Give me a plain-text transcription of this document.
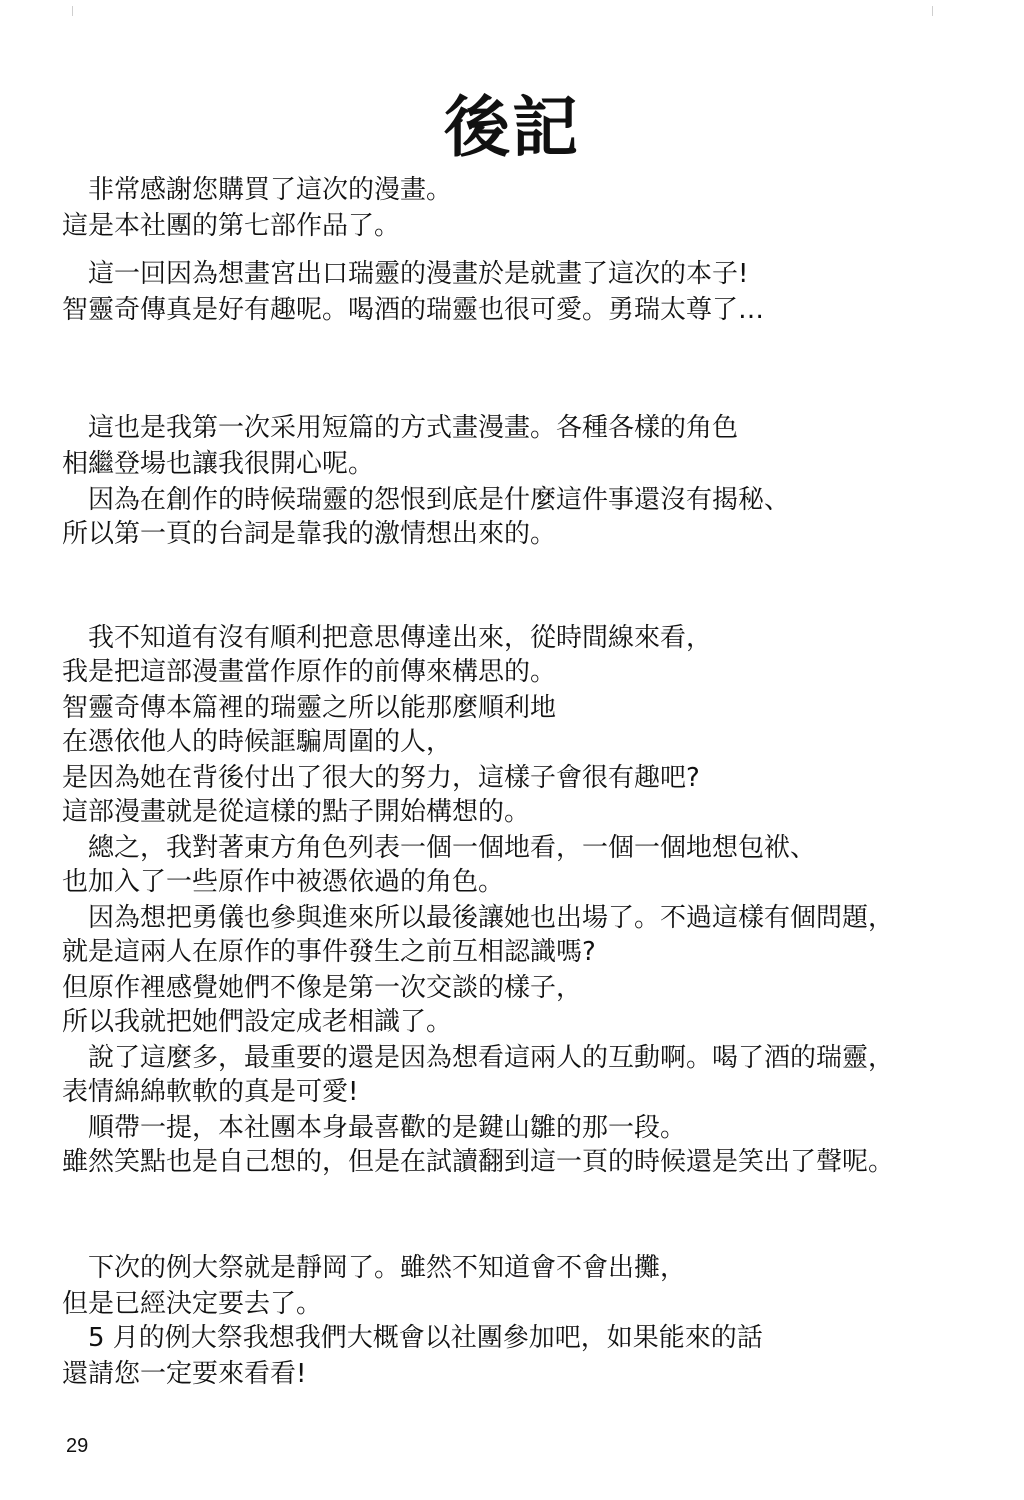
後記
非常感謝您購買了這次的漫畫。
這是本社團的第七部作品了。
這一回因為想畫宮出口瑞靈的漫畫於是就畫了這次的本子!
智靈奇傳真是好有趣呢。喝酒的瑞靈也很可愛。勇瑞太尊了…
這也是我第一次采用短篇的方式畫漫畫。各種各樣的角色
相繼登場也讓我很開心呢。
因為在創作的時候瑞靈的怨恨到底是什麼這件事還沒有揭秘、
所以第一頁的台詞是靠我的激情想出來的。
我不知道有沒有順利把意思傳達出來，從時間線來看，
我是把這部漫畫當作原作的前傳來構思的。
智靈奇傳本篇裡的瑞靈之所以能那麼順利地
在憑依他人的時候誆騙周圍的人，
是因為她在背後付出了很大的努力，這樣子會很有趣吧?
這部漫畫就是從這樣的點子開始構想的。
總之，我對著東方角色列表一個一個地看，一個一個地想包袱、
也加入了一些原作中被憑依過的角色。
因為想把勇儀也參與進來所以最後讓她也出場了。不過這樣有個問題，
就是這兩人在原作的事件發生之前互相認識嗎?
但原作裡感覺她們不像是第一次交談的樣子，
所以我就把她們設定成老相識了。
說了這麼多，最重要的還是因為想看這兩人的互動啊。喝了酒的瑞靈，
表情綿綿軟軟的真是可愛!
順帶一提，本社團本身最喜歡的是鍵山雛的那一段。
雖然笑點也是自己想的，但是在試讀翻到這一頁的時候還是笑出了聲呢。
下次的例大祭就是靜岡了。雖然不知道會不會出攤，
但是已經決定要去了。
5 月的例大祭我想我們大概會以社團參加吧，如果能來的話
還請您一定要來看看!
29
